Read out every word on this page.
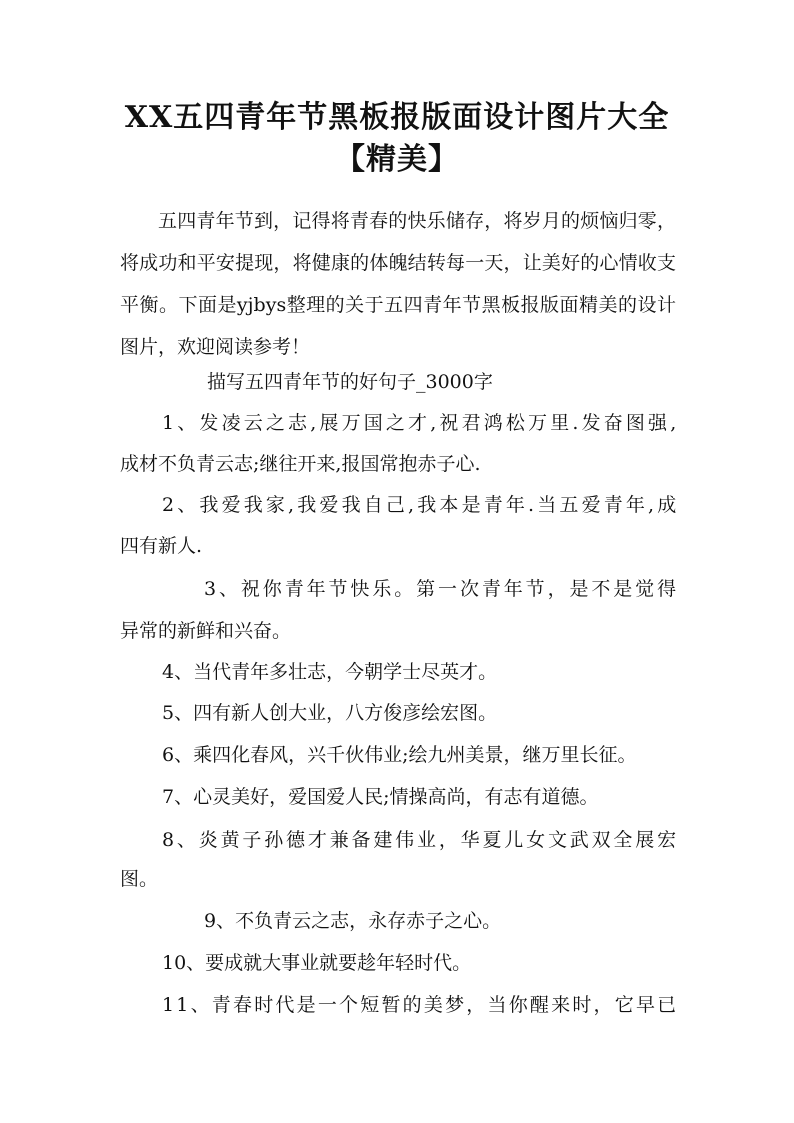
XX五四青年节黑板报版面设计图片大全
【精美】

五四青年节到，记得将青春的快乐储存，将岁月的烦恼归零，将成功和平安提现，将健康的体魄结转每一天，让美好的心情收支平衡。下面是yjbys整理的关于五四青年节黑板报版面精美的设计图片，欢迎阅读参考！

描写五四青年节的好句子_3000字

1、发凌云之志,展万国之才,祝君鸿松万里.发奋图强,

成材不负青云志;继往开来,报国常抱赤子心.

2、我爱我家,我爱我自己,我本是青年.当五爱青年,成

四有新人.

3、祝你青年节快乐。第一次青年节，是不是觉得

异常的新鲜和兴奋。

4、当代青年多壮志，今朝学士尽英才。

5、四有新人创大业，八方俊彦绘宏图。

6、乘四化春风，兴千伙伟业;绘九州美景，继万里长征。

7、心灵美好，爱国爱人民;情操高尚，有志有道德。

8、炎黄子孙德才兼备建伟业，华夏儿女文武双全展宏

图。

9、不负青云之志，永存赤子之心。

10、要成就大事业就要趁年轻时代。

11、青春时代是一个短暂的美梦，当你醒来时，它早已
